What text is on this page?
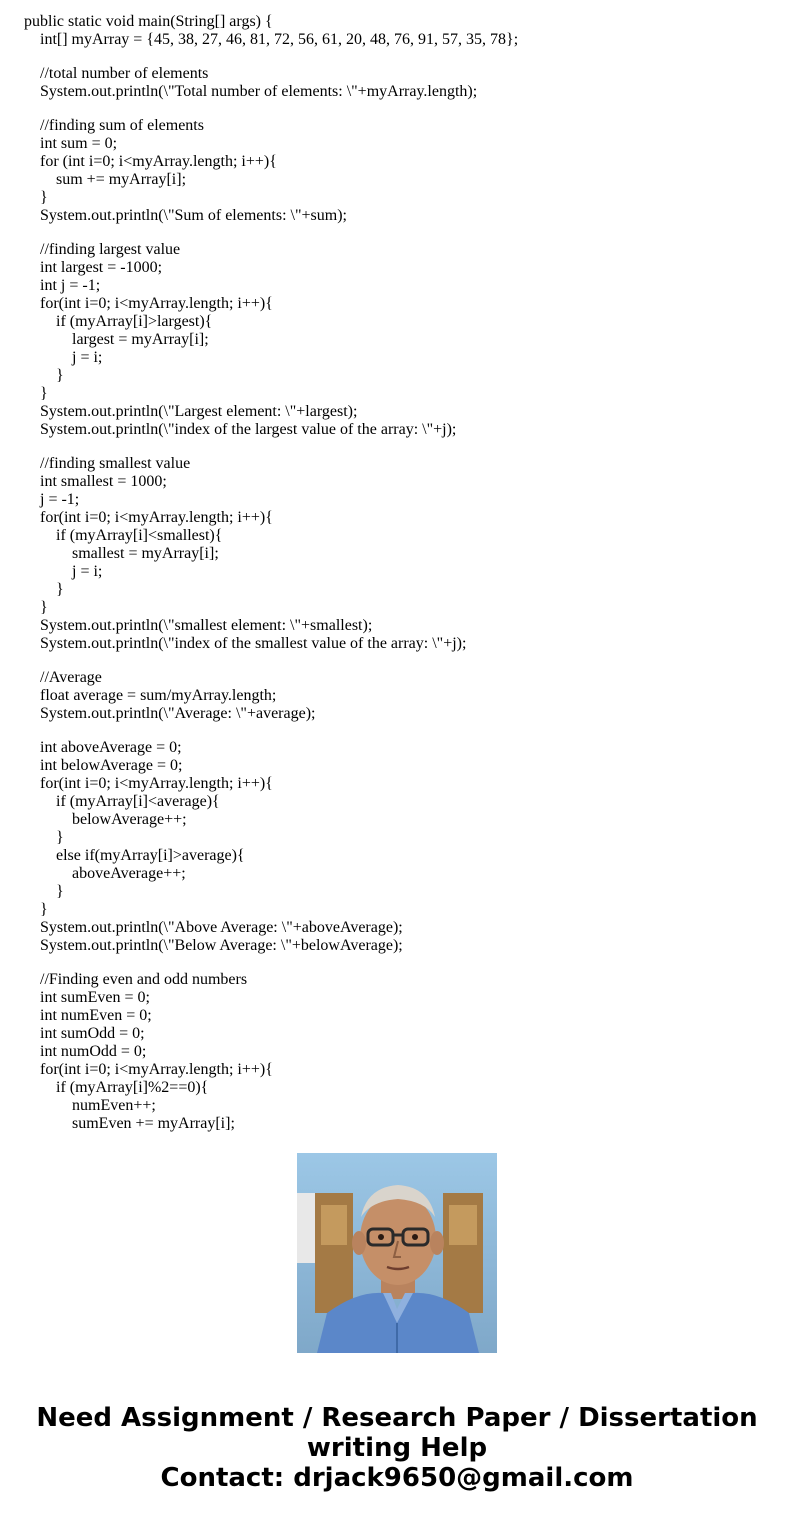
public static void main(String[] args) {
int[] myArray = {45, 38, 27, 46, 81, 72, 56, 61, 20, 48, 76, 91, 57, 35, 78};
//total number of elements
System.out.println(\"Total number of elements: \"+myArray.length);
//finding sum of elements
int sum = 0;
for (int i=0; i<myArray.length; i++){
sum += myArray[i];
}
System.out.println(\"Sum of elements: \"+sum);
//finding largest value
int largest = -1000;
int j = -1;
for(int i=0; i<myArray.length; i++){
if (myArray[i]>largest){
largest = myArray[i];
j = i;
}
}
System.out.println(\"Largest element: \"+largest);
System.out.println(\"index of the largest value of the array: \"+j);
//finding smallest value
int smallest = 1000;
j = -1;
for(int i=0; i<myArray.length; i++){
if (myArray[i]<smallest){
smallest = myArray[i];
j = i;
}
}
System.out.println(\"smallest element: \"+smallest);
System.out.println(\"index of the smallest value of the array: \"+j);
//Average
float average = sum/myArray.length;
System.out.println(\"Average: \"+average);
int aboveAverage = 0;
int belowAverage = 0;
for(int i=0; i<myArray.length; i++){
if (myArray[i]<average){
belowAverage++;
}
else if(myArray[i]>average){
aboveAverage++;
}
}
System.out.println(\"Above Average: \"+aboveAverage);
System.out.println(\"Below Average: \"+belowAverage);
//Finding even and odd numbers
int sumEven = 0;
int numEven = 0;
int sumOdd = 0;
int numOdd = 0;
for(int i=0; i<myArray.length; i++){
if (myArray[i]%2==0){
numEven++;
sumEven += myArray[i];
Need Assignment / Research Paper / Dissertation
writing Help
Contact: drjack9650@gmail.com
